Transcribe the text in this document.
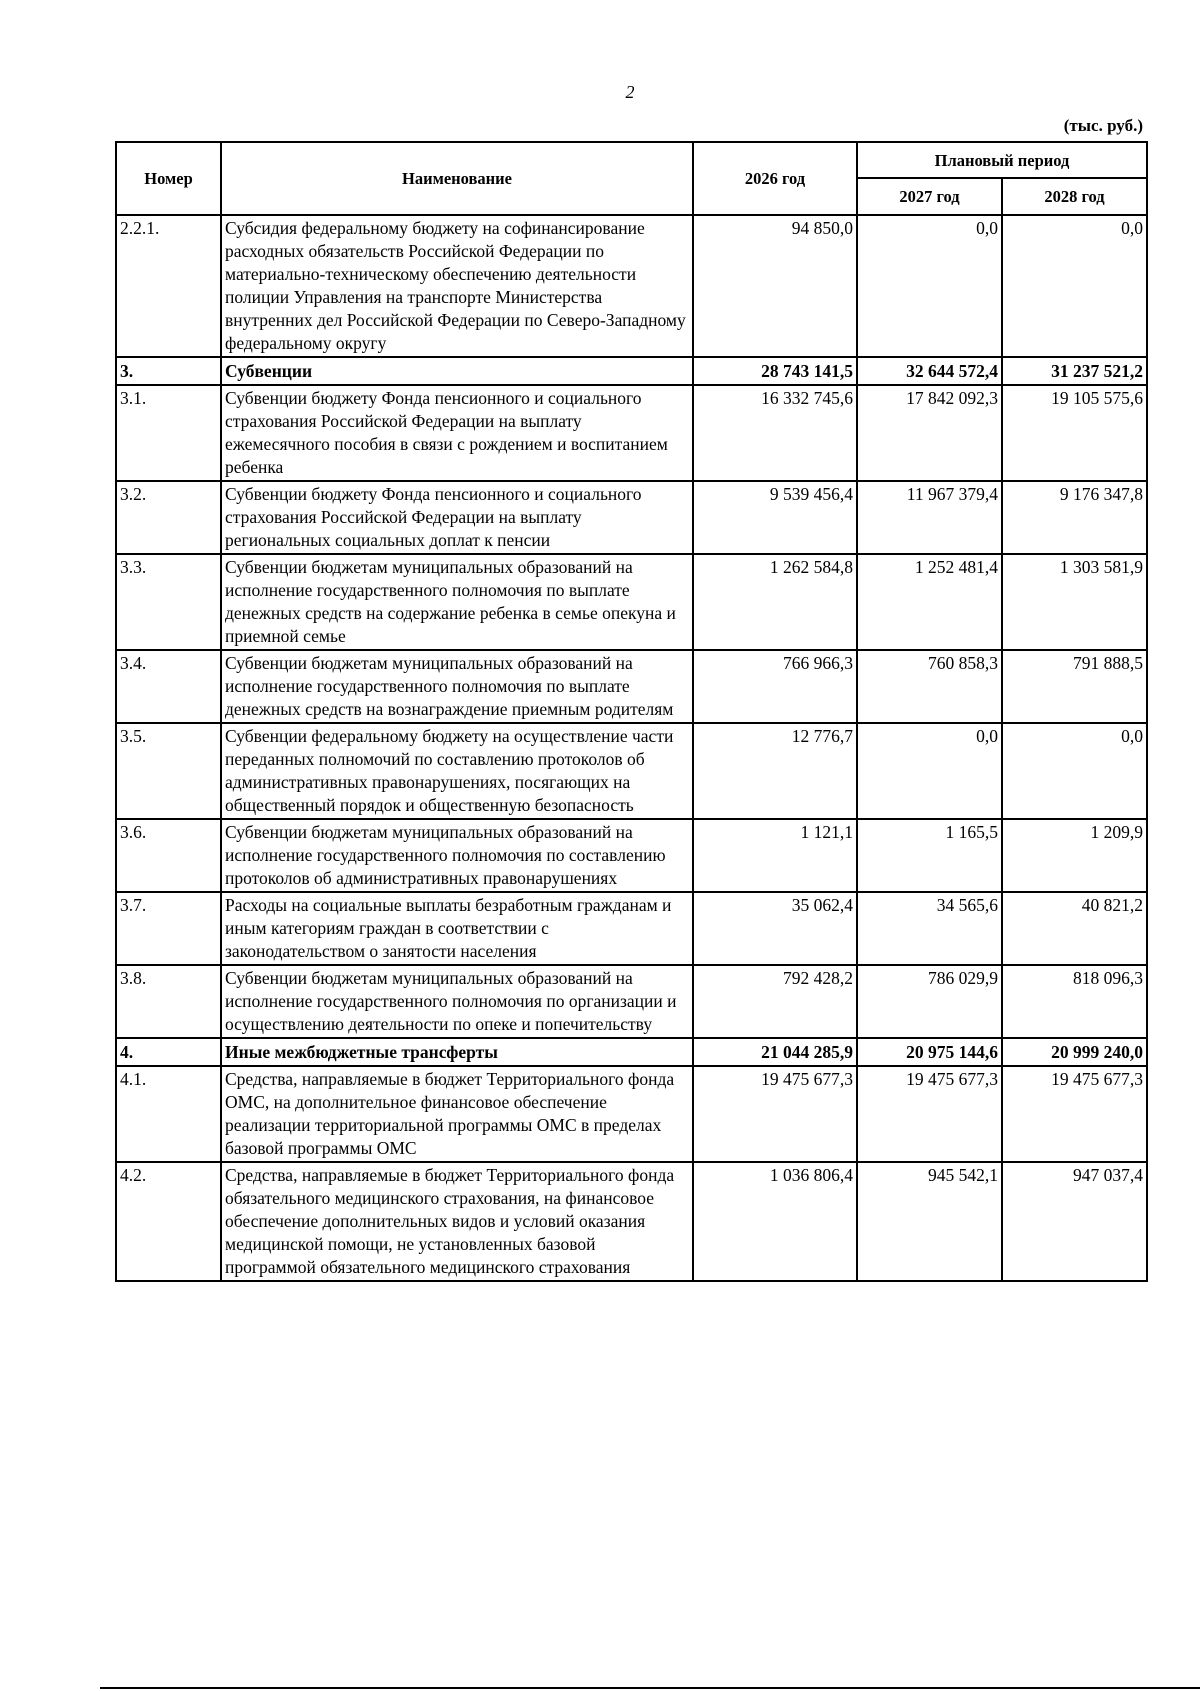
2
(тыс. руб.)
Номер	Наименование	2026 год	Плановый период	
			2027 год	2028 год
2.2.1.	Субсидия федеральному бюджету на софинансирование расходных обязательств Российской Федерации по материально-техническому обеспечению деятельности полиции Управления на транспорте Министерства внутренних дел Российской Федерации по Северо-Западному федеральному округу	94 850,0	0,0	0,0
3.	Субвенции	28 743 141,5	32 644 572,4	31 237 521,2
3.1.	Субвенции бюджету Фонда пенсионного и социального страхования Российской Федерации на выплату ежемесячного пособия в связи с рождением и воспитанием ребенка	16 332 745,6	17 842 092,3	19 105 575,6
3.2.	Субвенции бюджету Фонда пенсионного и социального страхования Российской Федерации на выплату региональных социальных доплат к пенсии	9 539 456,4	11 967 379,4	9 176 347,8
3.3.	Субвенции бюджетам муниципальных образований на исполнение государственного полномочия по выплате денежных средств на содержание ребенка в семье опекуна и приемной семье	1 262 584,8	1 252 481,4	1 303 581,9
3.4.	Субвенции бюджетам муниципальных образований на исполнение государственного полномочия по выплате денежных средств на вознаграждение приемным родителям	766 966,3	760 858,3	791 888,5
3.5.	Субвенции федеральному бюджету на осуществление части переданных полномочий по составлению протоколов об административных правонарушениях, посягающих на общественный порядок и общественную безопасность	12 776,7	0,0	0,0
3.6.	Субвенции бюджетам муниципальных образований на исполнение государственного полномочия по составлению протоколов об административных правонарушениях	1 121,1	1 165,5	1 209,9
3.7.	Расходы на социальные выплаты безработным гражданам и иным категориям граждан в соответствии с законодательством о занятости населения	35 062,4	34 565,6	40 821,2
3.8.	Субвенции бюджетам муниципальных образований на исполнение государственного полномочия по организации и осуществлению деятельности по опеке и попечительству	792 428,2	786 029,9	818 096,3
4.	Иные межбюджетные трансферты	21 044 285,9	20 975 144,6	20 999 240,0
4.1.	Средства, направляемые в бюджет Территориального фонда ОМС, на дополнительное финансовое обеспечение реализации территориальной программы ОМС в пределах базовой программы ОМС	19 475 677,3	19 475 677,3	19 475 677,3
4.2.	Средства, направляемые в бюджет Территориального фонда обязательного медицинского страхования, на финансовое обеспечение дополнительных видов и условий оказания медицинской помощи, не установленных базовой программой обязательного медицинского страхования	1 036 806,4	945 542,1	947 037,4
